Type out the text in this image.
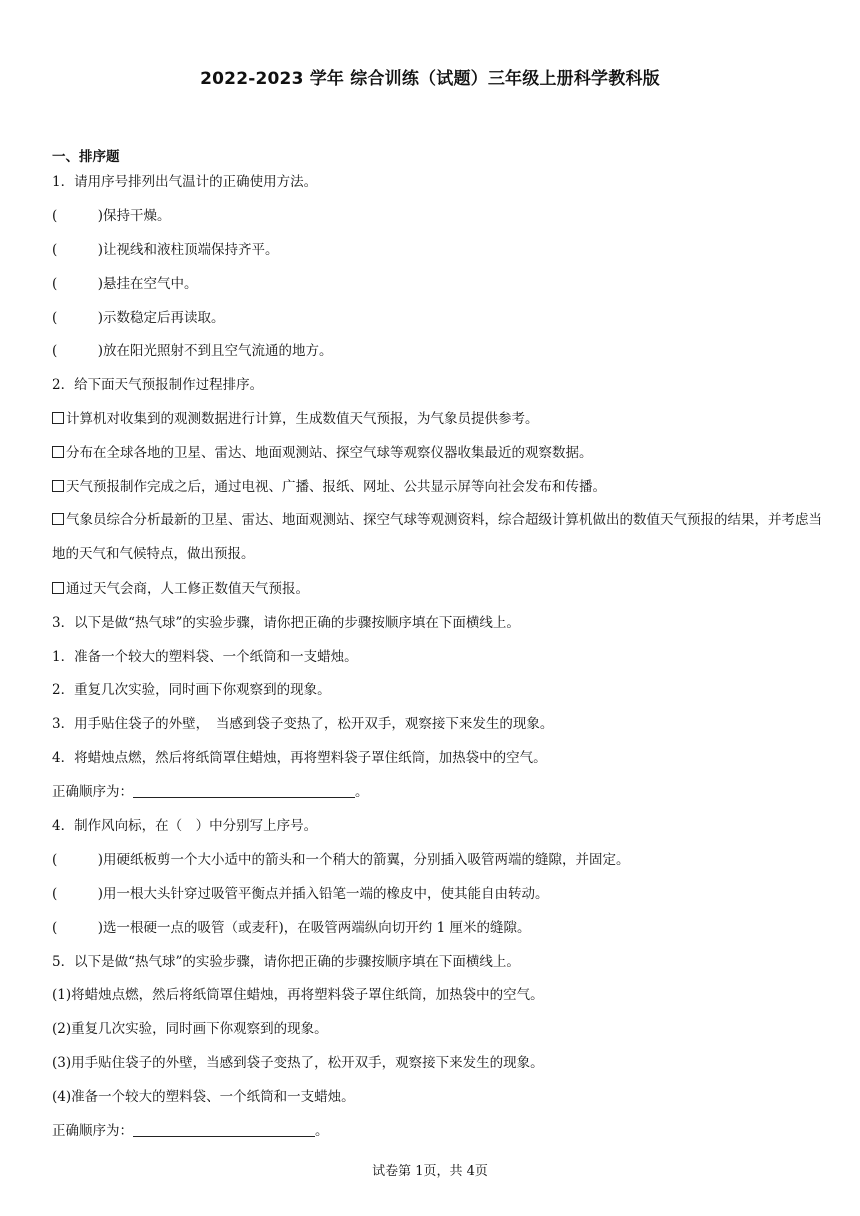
2022-2023 学年 综合训练（试题）三年级上册科学教科版
一、排序题
1．请用序号排列出气温计的正确使用方法。
(　　　)保持干燥。
(　　　)让视线和液柱顶端保持齐平。
(　　　)悬挂在空气中。
(　　　)示数稳定后再读取。
(　　　)放在阳光照射不到且空气流通的地方。
2．给下面天气预报制作过程排序。
计算机对收集到的观测数据进行计算，生成数值天气预报，为气象员提供参考。
分布在全球各地的卫星、雷达、地面观测站、探空气球等观察仪器收集最近的观察数据。
天气预报制作完成之后，通过电视、广播、报纸、网址、公共显示屏等向社会发布和传播。
气象员综合分析最新的卫星、雷达、地面观测站、探空气球等观测资料，综合超级计算机做出的数值天气预报的结果，并考虑当地的天气和气候特点，做出预报。
通过天气会商，人工修正数值天气预报。
3．以下是做“热气球”的实验步骤，请你把正确的步骤按顺序填在下面横线上。
1．准备一个较大的塑料袋、一个纸筒和一支蜡烛。
2．重复几次实验，同时画下你观察到的现象。
3．用手贴住袋子的外壁，　当感到袋子变热了，松开双手，观察接下来发生的现象。
4．将蜡烛点燃，然后将纸筒罩住蜡烛，再将塑料袋子罩住纸筒，加热袋中的空气。
正确顺序为：	。
4．制作风向标，在（　）中分别写上序号。
(　　　)用硬纸板剪一个大小适中的箭头和一个稍大的箭翼，分别插入吸管两端的缝隙，并固定。
(　　　)用一根大头针穿过吸管平衡点并插入铅笔一端的橡皮中，使其能自由转动。
(　　　)选一根硬一点的吸管（或麦秆)，在吸管两端纵向切开约 1 厘米的缝隙。
5．以下是做“热气球”的实验步骤，请你把正确的步骤按顺序填在下面横线上。
(1)将蜡烛点燃，然后将纸筒罩住蜡烛，再将塑料袋子罩住纸筒，加热袋中的空气。
(2)重复几次实验，同时画下你观察到的现象。
(3)用手贴住袋子的外壁，当感到袋子变热了，松开双手，观察接下来发生的现象。
(4)准备一个较大的塑料袋、一个纸筒和一支蜡烛。
正确顺序为：	。
试卷第 1页，共 4页
